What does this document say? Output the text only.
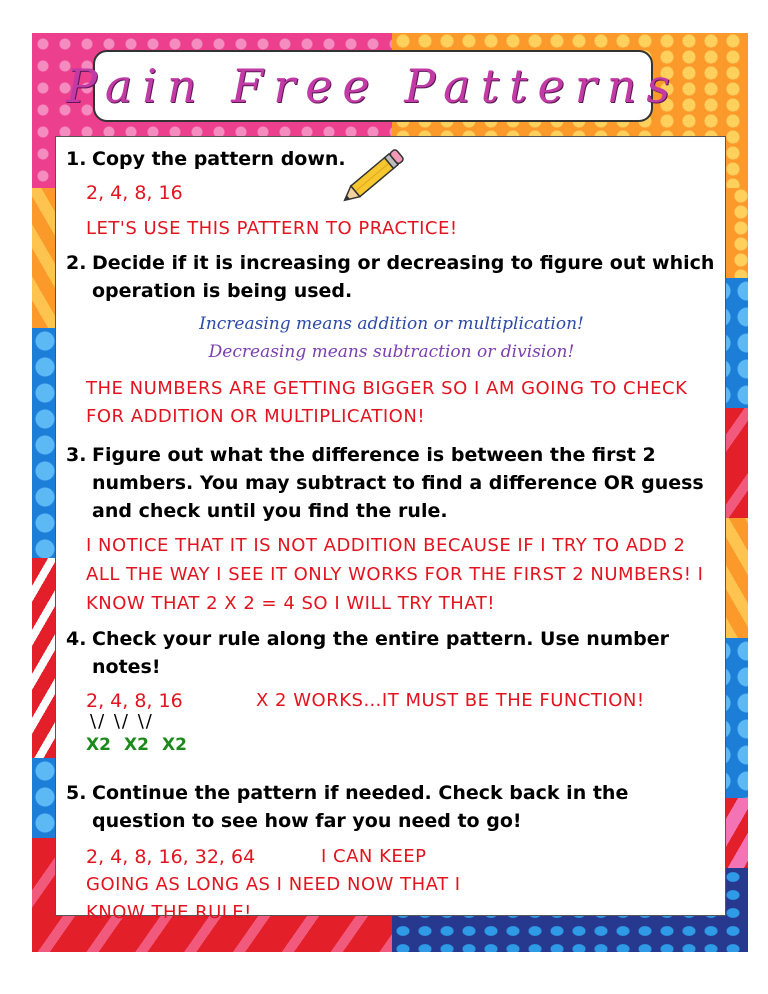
Pain Free Patterns
1. Copy the pattern down.
2, 4, 8, 16
LET'S USE THIS PATTERN TO PRACTICE!
2. Decide if it is increasing or decreasing to figure out which operation is being used.
Increasing means addition or multiplication!
Decreasing means subtraction or division!
THE NUMBERS ARE GETTING BIGGER SO I AM GOING TO CHECK FOR ADDITION OR MULTIPLICATION!
3. Figure out what the difference is between the first 2 numbers. You may subtract to find a difference OR guess and check until you find the rule.
I NOTICE THAT IT IS NOT ADDITION BECAUSE IF I TRY TO ADD 2 ALL THE WAY I SEE IT ONLY WORKS FOR THE FIRST 2 NUMBERS! I KNOW THAT 2 X 2 = 4 SO I WILL TRY THAT!
4. Check your rule along the entire pattern. Use number notes!
2, 4, 8, 16	X 2 WORKS…IT MUST BE THE FUNCTION!
\/ \/ \/
X2 X2 X2
5. Continue the pattern if needed. Check back in the question to see how far you need to go!
2, 4, 8, 16, 32, 64	I CAN KEEP GOING AS LONG AS I NEED NOW THAT I KNOW THE RULE!
